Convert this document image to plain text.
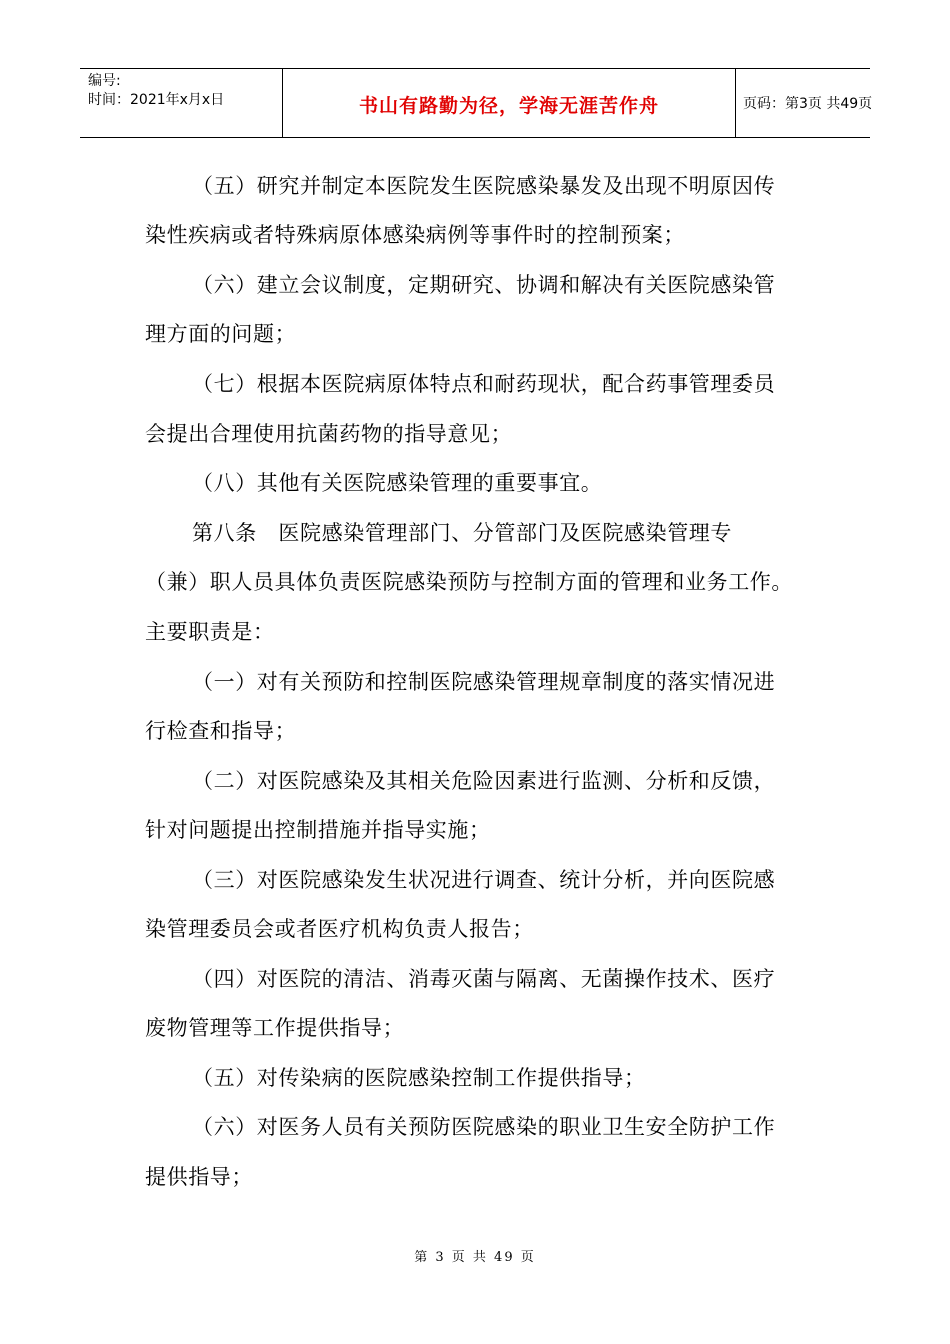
编号:
时间：2021年x月x日	书山有路勤为径，学海无涯苦作舟	页码：第3页 共49页
（五）研究并制定本医院发生医院感染暴发及出现不明原因传
染性疾病或者特殊病原体感染病例等事件时的控制预案；
（六）建立会议制度，定期研究、协调和解决有关医院感染管
理方面的问题；
（七）根据本医院病原体特点和耐药现状，配合药事管理委员
会提出合理使用抗菌药物的指导意见；
（八）其他有关医院感染管理的重要事宜。
第八条　医院感染管理部门、分管部门及医院感染管理专
（兼）职人员具体负责医院感染预防与控制方面的管理和业务工作。
主要职责是：
（一）对有关预防和控制医院感染管理规章制度的落实情况进
行检查和指导；
（二）对医院感染及其相关危险因素进行监测、分析和反馈，
针对问题提出控制措施并指导实施；
（三）对医院感染发生状况进行调查、统计分析，并向医院感
染管理委员会或者医疗机构负责人报告；
（四）对医院的清洁、消毒灭菌与隔离、无菌操作技术、医疗
废物管理等工作提供指导；
（五）对传染病的医院感染控制工作提供指导；
（六）对医务人员有关预防医院感染的职业卫生安全防护工作
提供指导；
第 3 页 共 49 页
